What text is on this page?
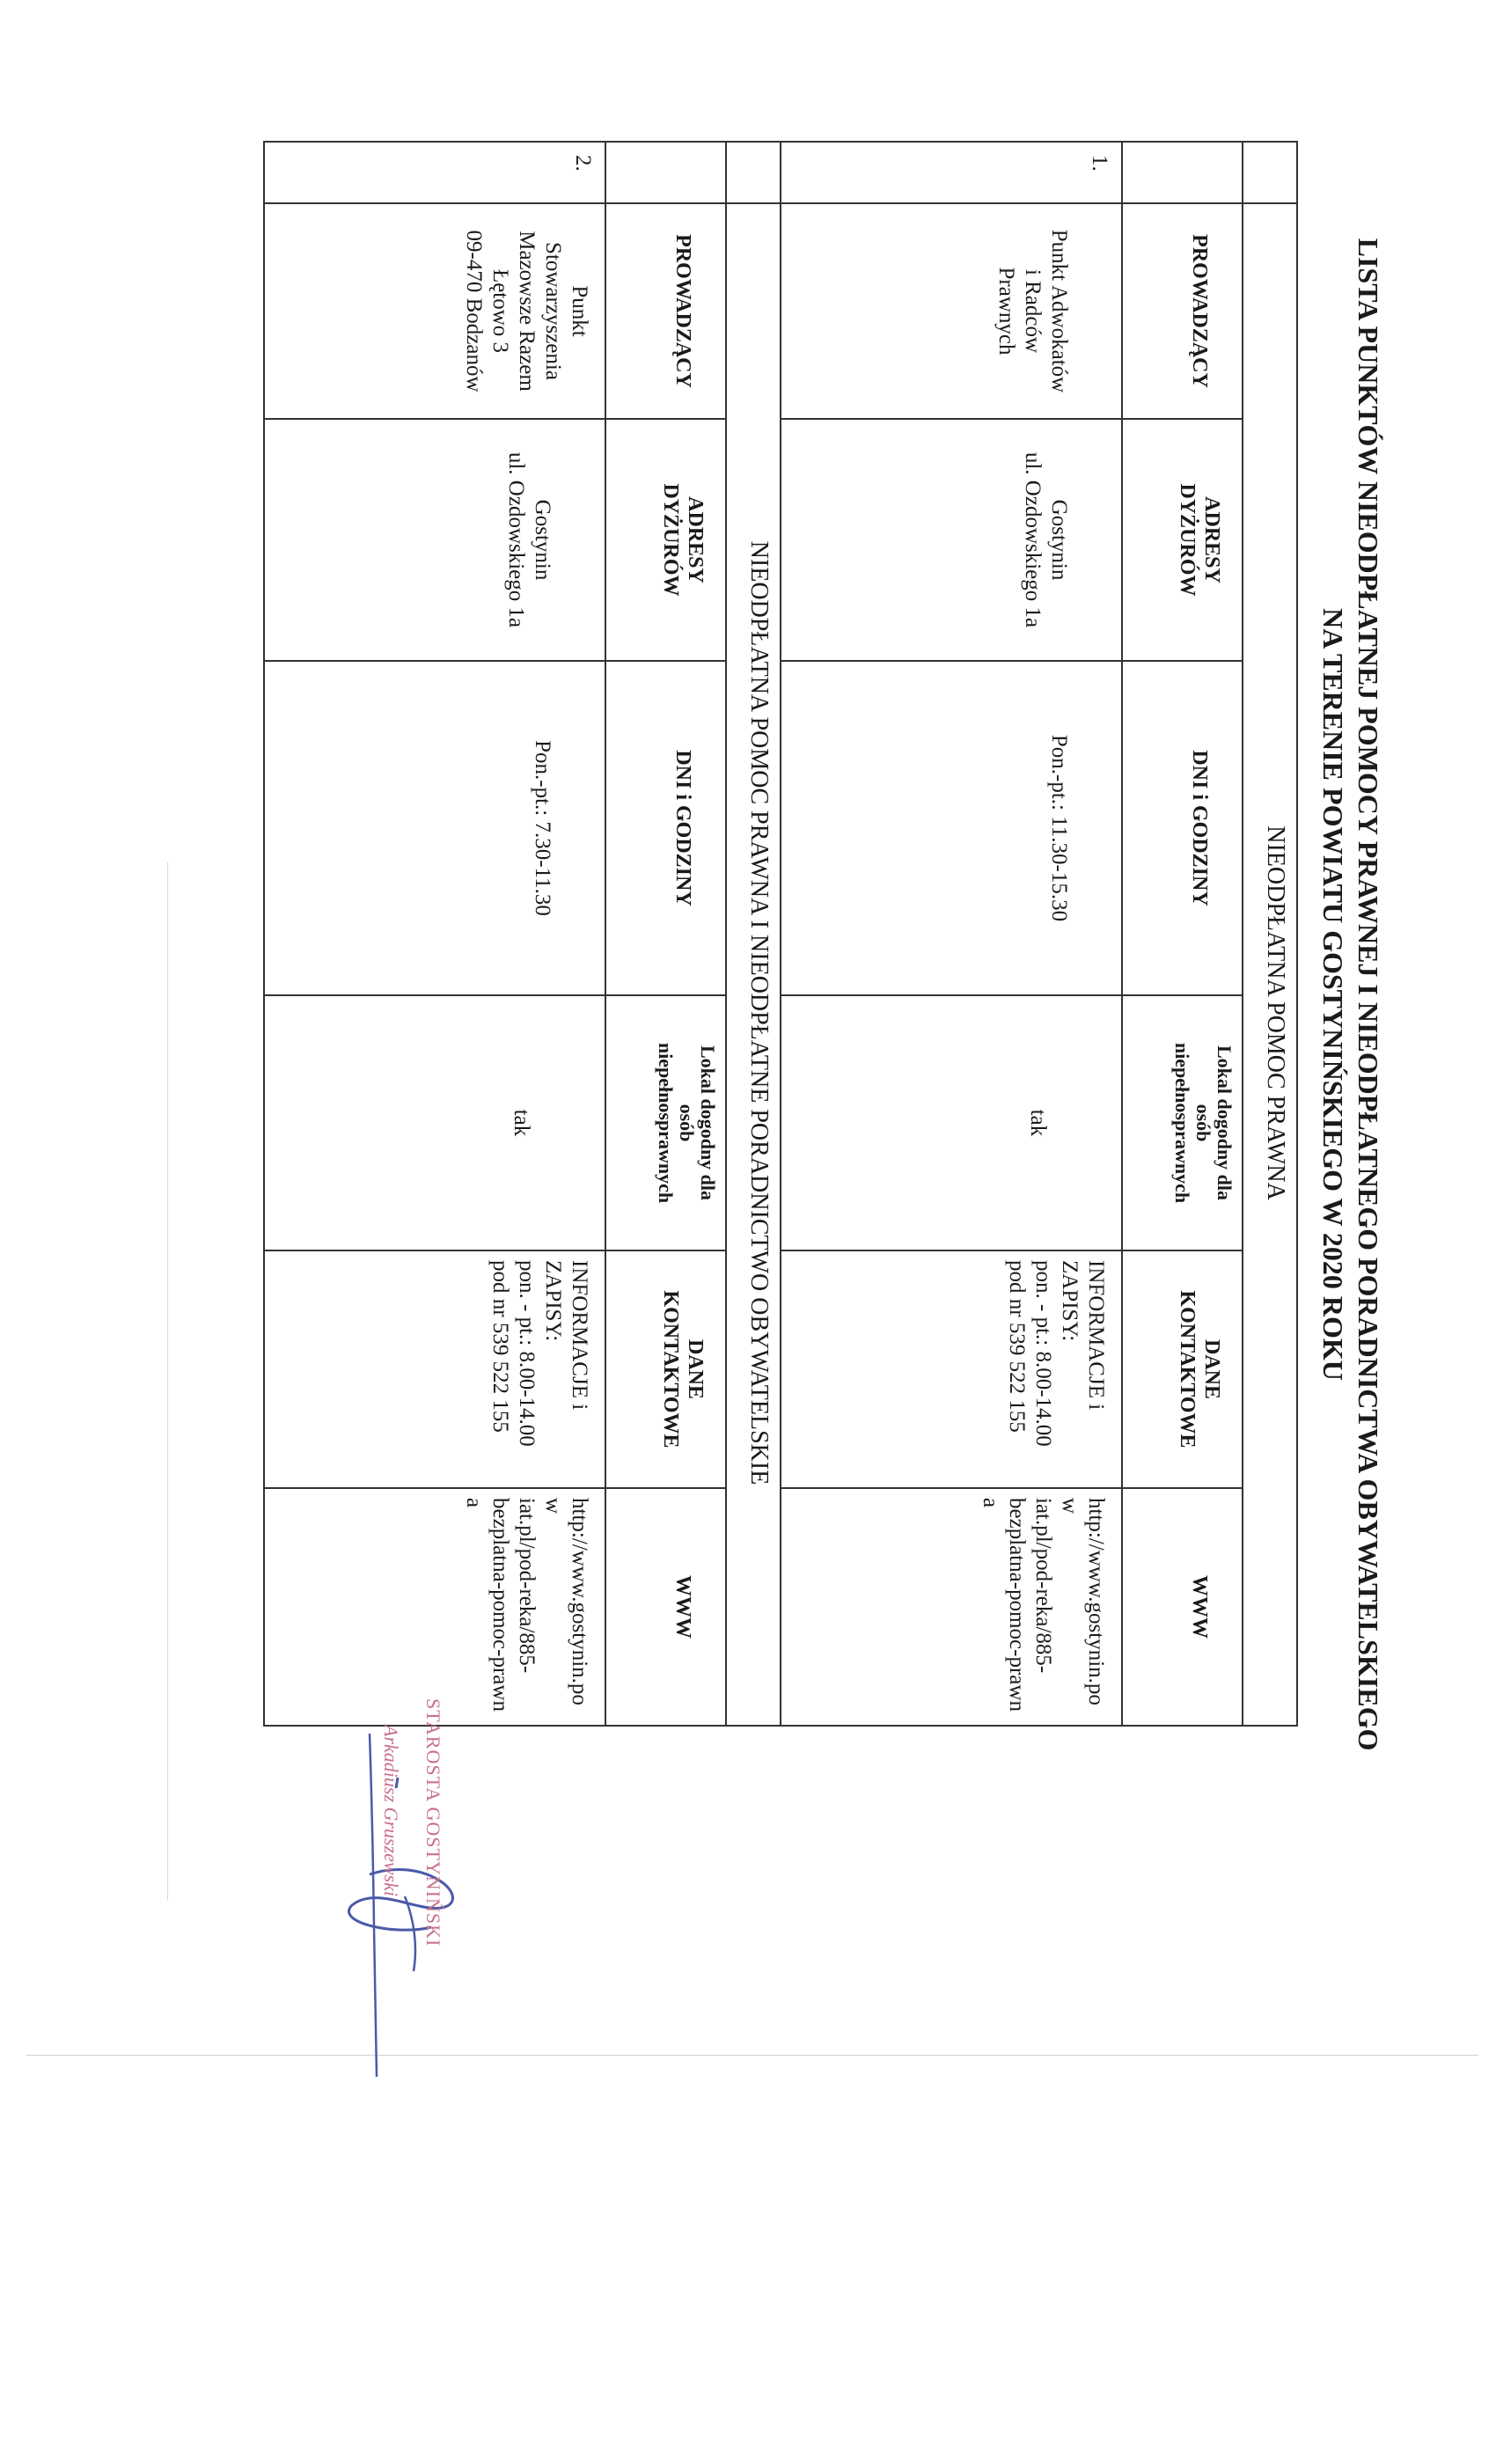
LISTA PUNKTÓW NIEODPŁATNEJ POMOCY PRAWNEJ I NIEODPŁATNEGO PORADNICTWA OBYWATELSKIEGO
NA TERENIE POWIATU GOSTYNIŃSKIEGO W 2020 ROKU
	NIEODPŁATNA POMOC PRAWNA					
	PROWADZĄCY	ADRESY
DYŻURÓW	DNI i GODZINY	Lokal dogodny dla
osób
niepełnosprawnych	DANE
KONTAKTOWE	WWW
1.	Punkt Adwokatów
i Radców
Prawnych	Gostynin
ul. Ozdowskiego 1a	Pon.-pt.: 11.30-15.30	tak	INFORMACJE i
ZAPISY:
pon. - pt.: 8.00-14.00
pod nr 539 522 155	http://www.gostynin.pow
iat.pl/pod-reka/885-
bezplatna-pomoc-prawna

	NIEODPŁATNA POMOC PRAWNA I NIEODPŁATNE PORADNICTWO OBYWATELSKIE					
	PROWADZĄCY	ADRESY
DYŻURÓW	DNI i GODZINY	Lokal dogodny dla
osób
niepełnosprawnych	DANE
KONTAKTOWE	WWW
2.	Punkt
Stowarzyszenia
Mazowsze Razem
Łętowo 3
09-470 Bodzanów	Gostynin
ul. Ozdowskiego 1a	Pon.-pt.: 7.30-11.30	tak	INFORMACJE i
ZAPISY:
pon. - pt.: 8.00-14.00
pod nr 539 522 155	http://www.gostynin.pow
iat.pl/pod-reka/885-
bezplatna-pomoc-prawna
STAROSTA GOSTYNIŃSKI
Arkadiusz Gruszewski
